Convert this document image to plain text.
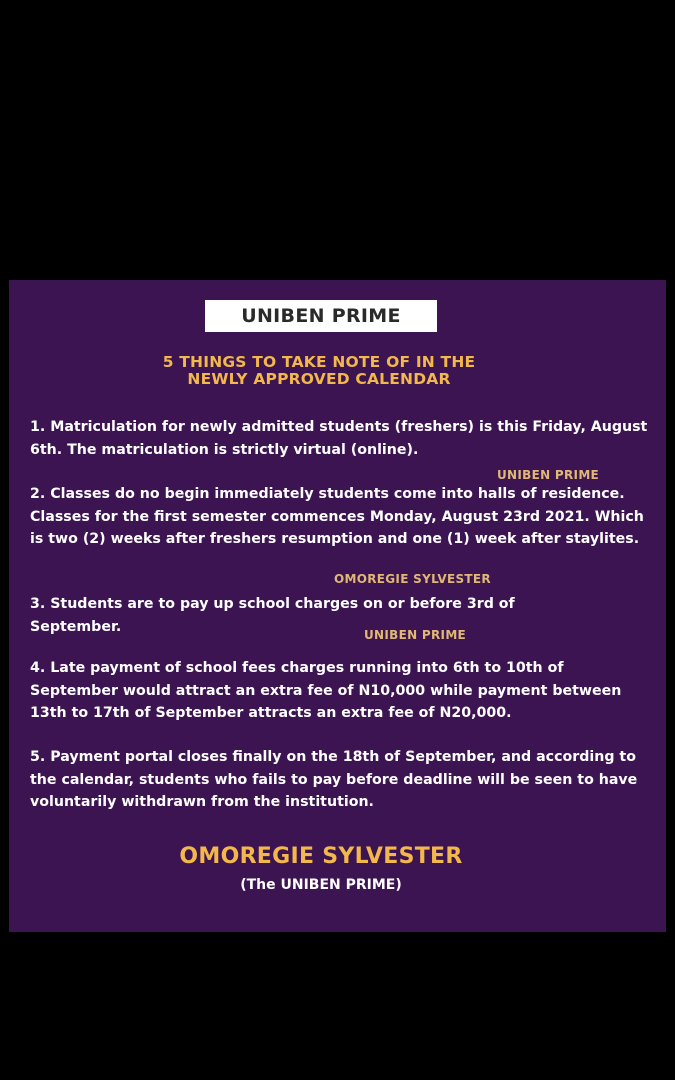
UNIBEN PRIME
5 THINGS TO TAKE NOTE OF IN THE
NEWLY APPROVED CALENDAR

1. Matriculation for newly admitted students (freshers) is this Friday, August 6th. The matriculation is strictly virtual (online).

UNIBEN PRIME

2. Classes do no begin immediately students come into halls of residence. Classes for the first semester commences Monday, August 23rd 2021. Which is two (2) weeks after freshers resumption and one (1) week after staylites.

OMOREGIE SYLVESTER

3. Students are to pay up school charges on or before 3rd of September.

UNIBEN PRIME

4. Late payment of school fees charges running into 6th to 10th of September would attract an extra fee of N10,000 while payment between 13th to 17th of September attracts an extra fee of N20,000.

5. Payment portal closes finally on the 18th of September, and according to the calendar, students who fails to pay before deadline will be seen to have voluntarily withdrawn from the institution.

OMOREGIE SYLVESTER
(The UNIBEN PRIME)
